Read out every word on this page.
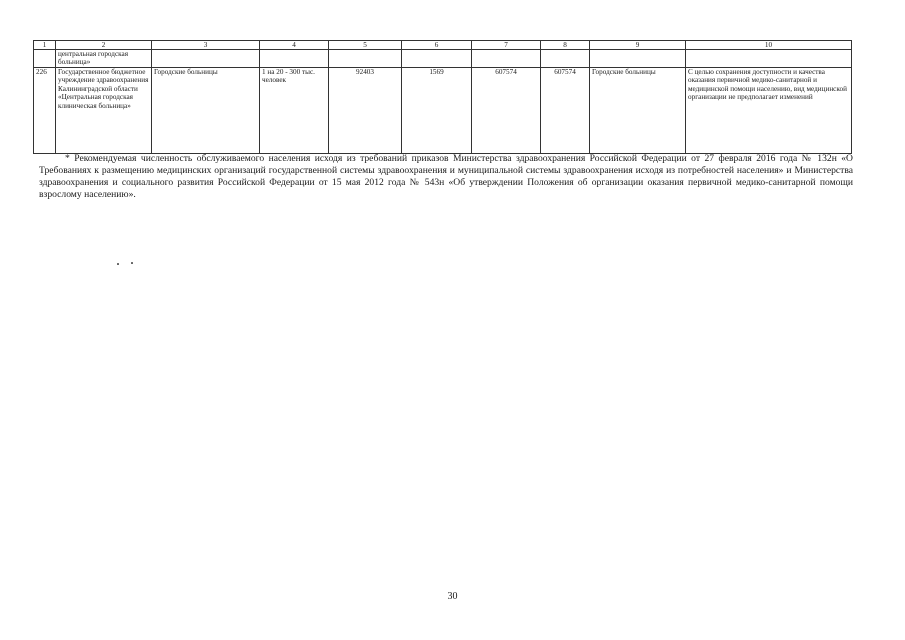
1	2	3	4	5	6	7	8	9	10
	центральная городская больница»								
226	Государственное бюджетное учреждение здравоохранения Калининградской области «Центральная городская клиническая больница»	Городские больницы	1 на 20 - 300 тыс. человек	92403	1569	607574	607574	Городские больницы	С целью сохранения доступности и качества оказания первичной медико-санитарной и медицинской помощи населению, вид медицинской организации не предполагает изменений
* Рекомендуемая численность обслуживаемого населения исходя из требований приказов Министерства здравоохранения Российской Федерации от 27 февраля 2016 года № 132н «О Требованиях к размещению медицинских организаций государственной системы здравоохранения и муниципальной системы здравоохранения исходя из потребностей населения» и Министерства здравоохранения и социального развития Российской Федерации от 15 мая 2012 года № 543н «Об утверждении Положения об организации оказания первичной медико-санитарной помощи взрослому населению».
30
